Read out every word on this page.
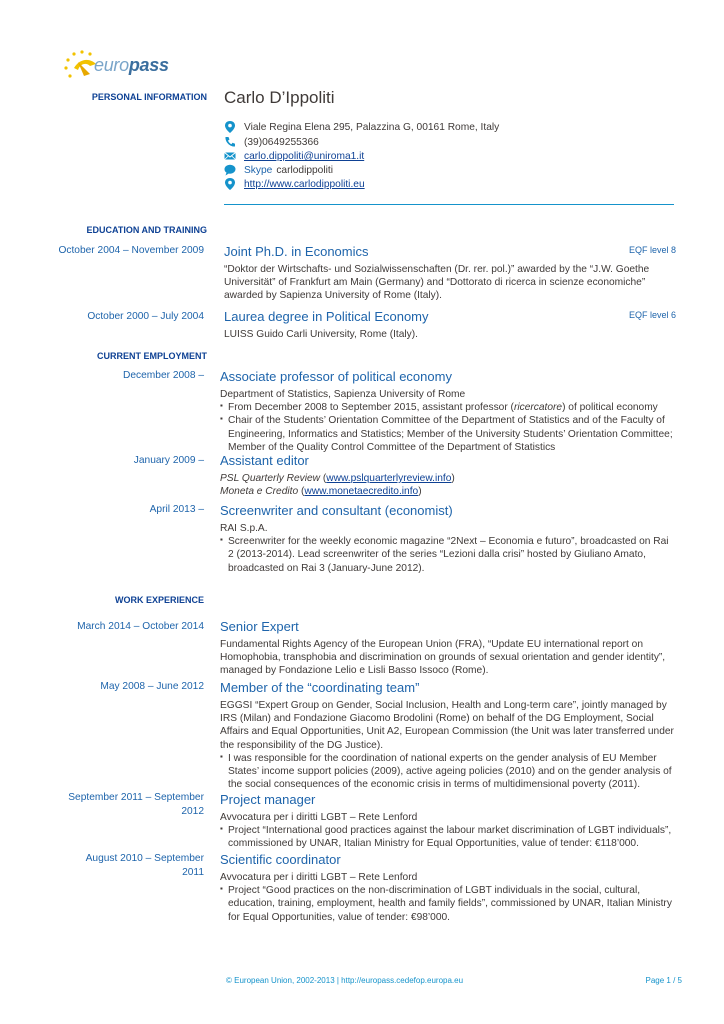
europass
PERSONAL INFORMATION Carlo D’Ippoliti
Viale Regina Elena 295, Palazzina G, 00161 Rome, Italy
(39)0649255366
carlo.dippoliti@uniroma1.it
Skype carlodippoliti
http://www.carlodippoliti.eu
EDUCATION AND TRAINING
October 2004 – November 2009	EQF level 8
Joint Ph.D. in Economics

“Doktor der Wirtschafts- und Sozialwissenschaften (Dr. rer. pol.)” awarded by the “J.W. Goethe Universität” of Frankfurt am Main (Germany) and “Dottorato di ricerca in scienze economiche” awarded by Sapienza University of Rome (Italy).

October 2000 – July 2004	EQF level 6
Laurea degree in Political Economy

LUISS Guido Carli University, Rome (Italy).

CURRENT EMPLOYMENT
December 2008 – Associate professor of political economy

Department of Statistics, Sapienza University of Rome

▪ From December 2008 to September 2015, assistant professor (ricercatore) of political economy
▪ Chair of the Students’ Orientation Committee of the Department of Statistics and of the Faculty of Engineering, Informatics and Statistics; Member of the University Students’ Orientation Committee; Member of the Quality Control Committee of the Department of Statistics
January 2009 – Assistant editor

PSL Quarterly Review (www.pslquarterlyreview.info)

Moneta e Credito (www.monetaecredito.info)

April 2013 – Screenwriter and consultant (economist)

RAI S.p.A.

▪ Screenwriter for the weekly economic magazine “2Next – Economia e futuro”, broadcasted on Rai 2 (2013-2014). Lead screenwriter of the series “Lezioni dalla crisi” hosted by Giuliano Amato, broadcasted on Rai 3 (January-June 2012).
WORK EXPERIENCE
March 2014 – October 2014 Senior Expert

Fundamental Rights Agency of the European Union (FRA), “Update EU international report on Homophobia, transphobia and discrimination on grounds of sexual orientation and gender identity”, managed by Fondazione Lelio e Lisli Basso Issoco (Rome).

May 2008 – June 2012 Member of the “coordinating team”

EGGSI “Expert Group on Gender, Social Inclusion, Health and Long-term care”, jointly managed by IRS (Milan) and Fondazione Giacomo Brodolini (Rome) on behalf of the DG Employment, Social Affairs and Equal Opportunities, Unit A2, European Commission (the Unit was later transferred under the responsibility of the DG Justice).

▪ I was responsible for the coordination of national experts on the gender analysis of EU Member States’ income support policies (2009), active ageing policies (2010) and on the gender analysis of the social consequences of the economic crisis in terms of multidimensional poverty (2011).
September 2011 – September 2012
Project manager

Avvocatura per i diritti LGBT – Rete Lenford

▪ Project “International good practices against the labour market discrimination of LGBT individuals”, commissioned by UNAR, Italian Ministry for Equal Opportunities, value of tender: €118’000.
August 2010 – September 2011
Scientific coordinator

Avvocatura per i diritti LGBT – Rete Lenford

▪ Project “Good practices on the non-discrimination of LGBT individuals in the social, cultural, education, training, employment, health and family fields”, commissioned by UNAR, Italian Ministry for Equal Opportunities, value of tender: €98’000.
© European Union, 2002-2013 | http://europass.cedefop.europa.eu	Page 1 / 5
